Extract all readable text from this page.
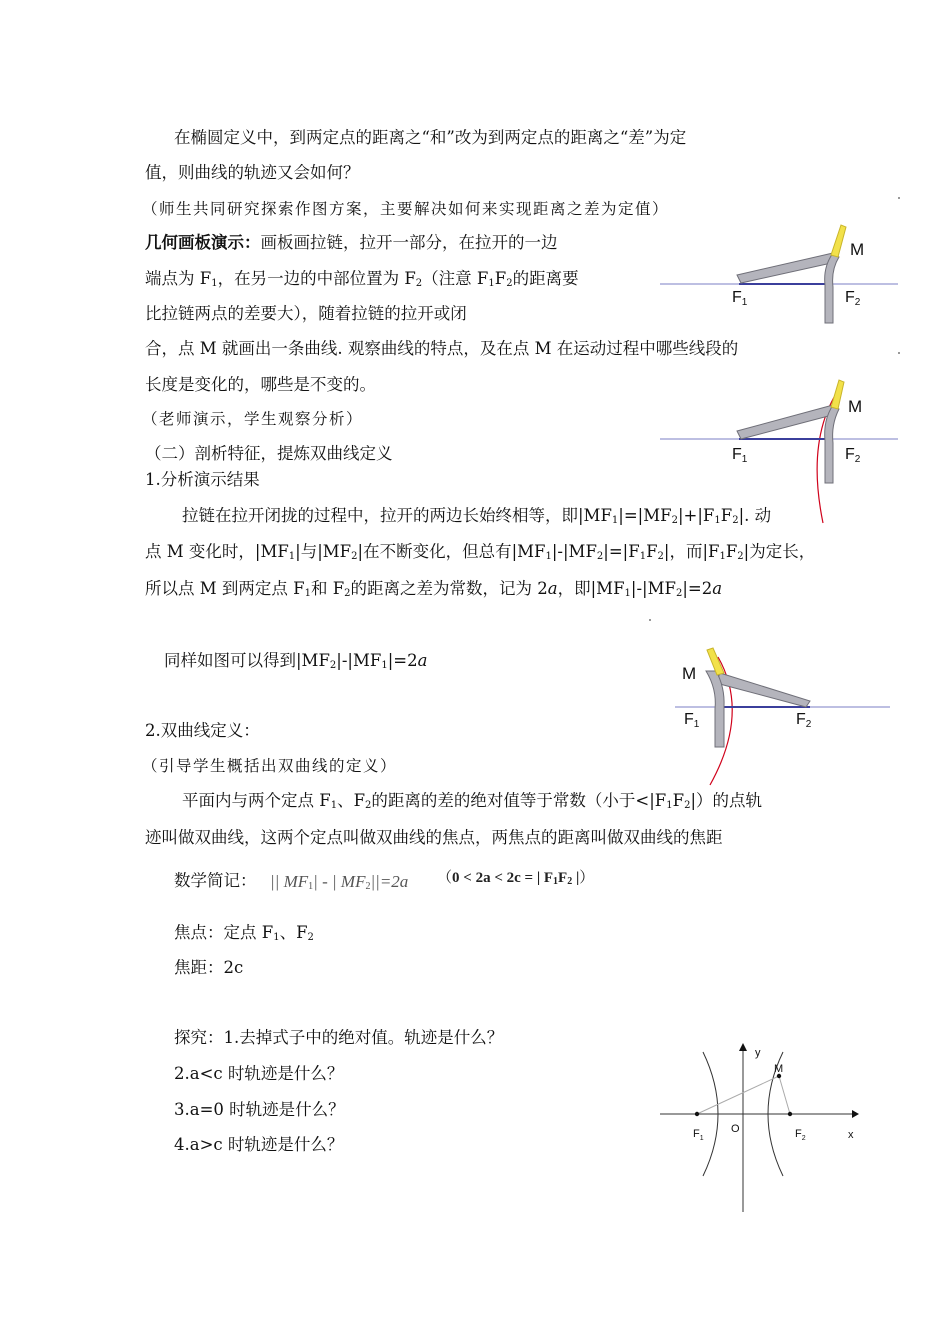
在椭圆定义中，到两定点的距离之“和”改为到两定点的距离之“差”为定
值，则曲线的轨迹又会如何？
（师生共同研究探索作图方案，主要解决如何来实现距离之差为定值）
几何画板演示：画板画拉链，拉开一部分，在拉开的一边
端点为 $F_1$，在另一边的中部位置为 $F_2$（注意 $F_1F_2$的距离要
比拉链两点的差要大），随着拉链的拉开或闭
合，点 M 就画出一条曲线. 观察曲线的特点，及在点 M 在运动过程中哪些线段的
长度是变化的，哪些是不变的。
（老师演示，学生观察分析）
（二）剖析特征，提炼双曲线定义
1.分析演示结果
拉链在拉开闭拢的过程中，拉开的两边长始终相等，即$|MF_1|=|MF_2|+|F_1F_2|$. 动
点 M 变化时，$|MF_1|$与$|MF_2|$在不断变化，但总有$|MF_1|-|MF_2|=|F_1F_2|$，而$|F_1F_2|$为定长，
所以点 M 到两定点 $F_1$和 $F_2$的距离之差为常数，记为 2a，即$|MF_1|-|MF_2|=2a$
同样如图可以得到$|MF_2|-|MF_1|=2a$
2.双曲线定义：
（引导学生概括出双曲线的定义）
平面内与两个定点 $F_1$、$F_2$的距离的差的绝对值等于常数（小于$<|F_1F_2|$）的点轨
迹叫做双曲线，这两个定点叫做双曲线的焦点，两焦点的距离叫做双曲线的焦距
数学简记： || $MF_1|$ - | $MF_2||=2a$ （0 < 2a < 2c = | $F_1F_2$ |）
焦点：定点 $F_1$、$F_2$
焦距：2c
探究：1.去掉式子中的绝对值。轨迹是什么？
2.a<c 时轨迹是什么？
3.a=0 时轨迹是什么？
4.a>c 时轨迹是什么？
M
F1	F2
M
F1	F2
M
F1	F2
y
x
O
M
$F_1$	$F_2$
